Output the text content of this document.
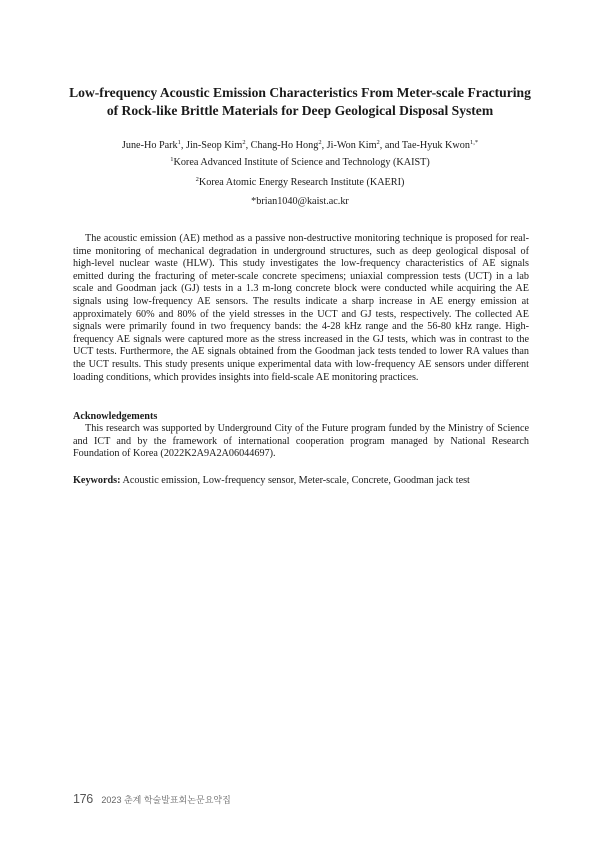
Low-frequency Acoustic Emission Characteristics From Meter-scale Fracturing
of Rock-like Brittle Materials for Deep Geological Disposal System
June-Ho Park$^1$, Jin-Seop Kim$^2$, Chang-Ho Hong$^2$, Ji-Won Kim$^2$, and Tae-Hyuk Kwon$^{1,*}$
$^1$Korea Advanced Institute of Science and Technology (KAIST)
$^2$Korea Atomic Energy Research Institute (KAERI)
*brian1040@kaist.ac.kr

The acoustic emission (AE) method as a passive non-destructive monitoring technique is proposed for real-time monitoring of mechanical degradation in underground structures, such as deep geological disposal of high-level nuclear waste (HLW). This study investigates the low-frequency characteristics of AE signals emitted during the fracturing of meter-scale concrete specimens; uniaxial compression tests (UCT) in a lab scale and Goodman jack (GJ) tests in a 1.3 m-long concrete block were conducted while acquiring the AE signals using low-frequency AE sensors. The results indicate a sharp increase in AE energy emission at approximately 60% and 80% of the yield stresses in the UCT and GJ tests, respectively. The collected AE signals were primarily found in two frequency bands: the 4-28 kHz range and the 56-80 kHz range. High-frequency AE signals were captured more as the stress increased in the GJ tests, which was in contrast to the UCT tests. Furthermore, the AE signals obtained from the Goodman jack tests tended to lower RA values than the UCT results. This study presents unique experimental data with low-frequency AE sensors under different loading conditions, which provides insights into field-scale AE monitoring practices.

Acknowledgements

This research was supported by Underground City of the Future program funded by the Ministry of Science and ICT and by the framework of international cooperation program managed by National Research Foundation of Korea (2022K2A9A2A06044697).

Keywords: Acoustic emission, Low-frequency sensor, Meter-scale, Concrete, Goodman jack test

176 2023 춘계 학술발표회논문요약집
